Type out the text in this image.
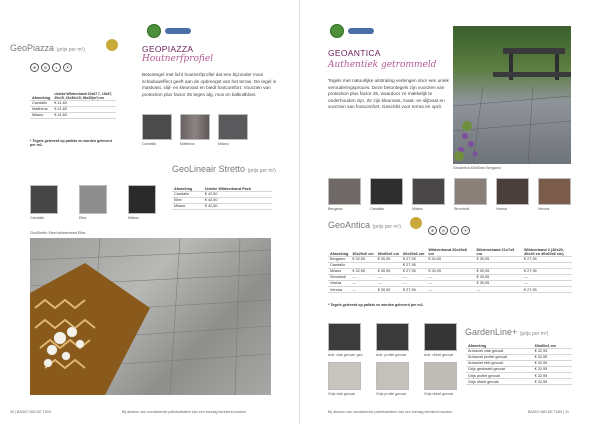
GeoPiazza (prijs per m²)
❄ ◎ ◐ ⦿
Afwerking	Unieke Wildverband 20x67.7, 15x67, 30x15, 15x30x15, 36x30(m²) cm
Camtallo	€ 41,60
Mattheus	€ 41,60
Milano	€ 41,60
* Tegels geleverd op pallets en worden geleverd per m2.
GEOPIAZZA
Houtnerfprofiel
Betontegel met licht houtnerfprofiel dat een bijzonder mooi schaduweffect geeft aan de opbrengst van het terras. De tegel is mastvast, slijt- en kleurvast en biedt footcomfort. Voorzien van protection plus factor 25 tegen alg, mos en kalkuitbloei.
Camtallo	Mattheus	Milano
Camtallo	Elba	Milano
GeoLineair Stretto (prijs per m²)
Afwerking	Unieke Wildverband Pack
Camtallo	€ 42,50
Elbe	€ 42,50
Milano	€ 42,50
GeoStretto Steel wildverband Elba
30 | BASIS VAN DE TUIN	Bij afname van onvoldoende palletsafvallen kan een toeslag berekend worden.
GEOANTICA
Authentiek getrommeld
Tegels met natuurlijke uitstraling verlengen door een uniek verouderingsproces. Deze betontegels zijn voorzien van protection plus factor 25, waardoor ze makkelijk te onderhouden zijn. Ze zijn kleurvast, maat- en slijtvast en voorzien van footcomfort. Geschikt voor terras en oprit.
GeoAntica 60x60xm Bergamo
Bergamo	Camtallo	Milano	Stromboli	Vesbia	Verona
GeoAntica (prijs per m²)
❄ ◎ ◐ ⦿
Afwerking	30x20x6 cm	60x60x6 cm	60x30x6 cm	Wildverband 20x40x6 cm	Dikteverband 21x7x6 cm	Wildverband 2 (40x20, 40x40 en 40x60x6 cm)
Bergamo	€ 32,95	€ 30,95	€ 27,95	€ 34,95	€ 30,95	€ 27,95
Camtallo			€ 27,95			
Milano	€ 32,95	€ 30,95	€ 27,95	€ 34,95	€ 30,95	€ 27,95
Stromboli	---	---	---	---	€ 30,95	---
Vesbia	---	---	---	---	€ 30,95	---
Verona	---	€ 30,95	€ 27,95	---	---	€ 27,95
* Tegels geleverd op pallets en worden geleverd per m2.
Antr. vlak gecoat. geo	Antr. profiel gecoat	Antr. ribbel gecoat
Grijs vlak gecoat	Grijs profiel gecoat	Grijs ribbel gecoat
GardenLine+ (prijs per m²)
Afwerking	60x60x4 cm
Antraciet vlak gecoat	€ 32,95
Antraciet profiel gecoat	€ 32,95
Antraciet ribb gecoat	€ 32,95
Grijs gestraald gecoat	€ 32,95
Grijs profiel gecoat	€ 32,95
Grijs ribbel gecoat	€ 32,95
Bij afname van onvoldoende palletsafvallen kan een toeslag berekend worden.	BASIS VAN DE TUIN | 31
